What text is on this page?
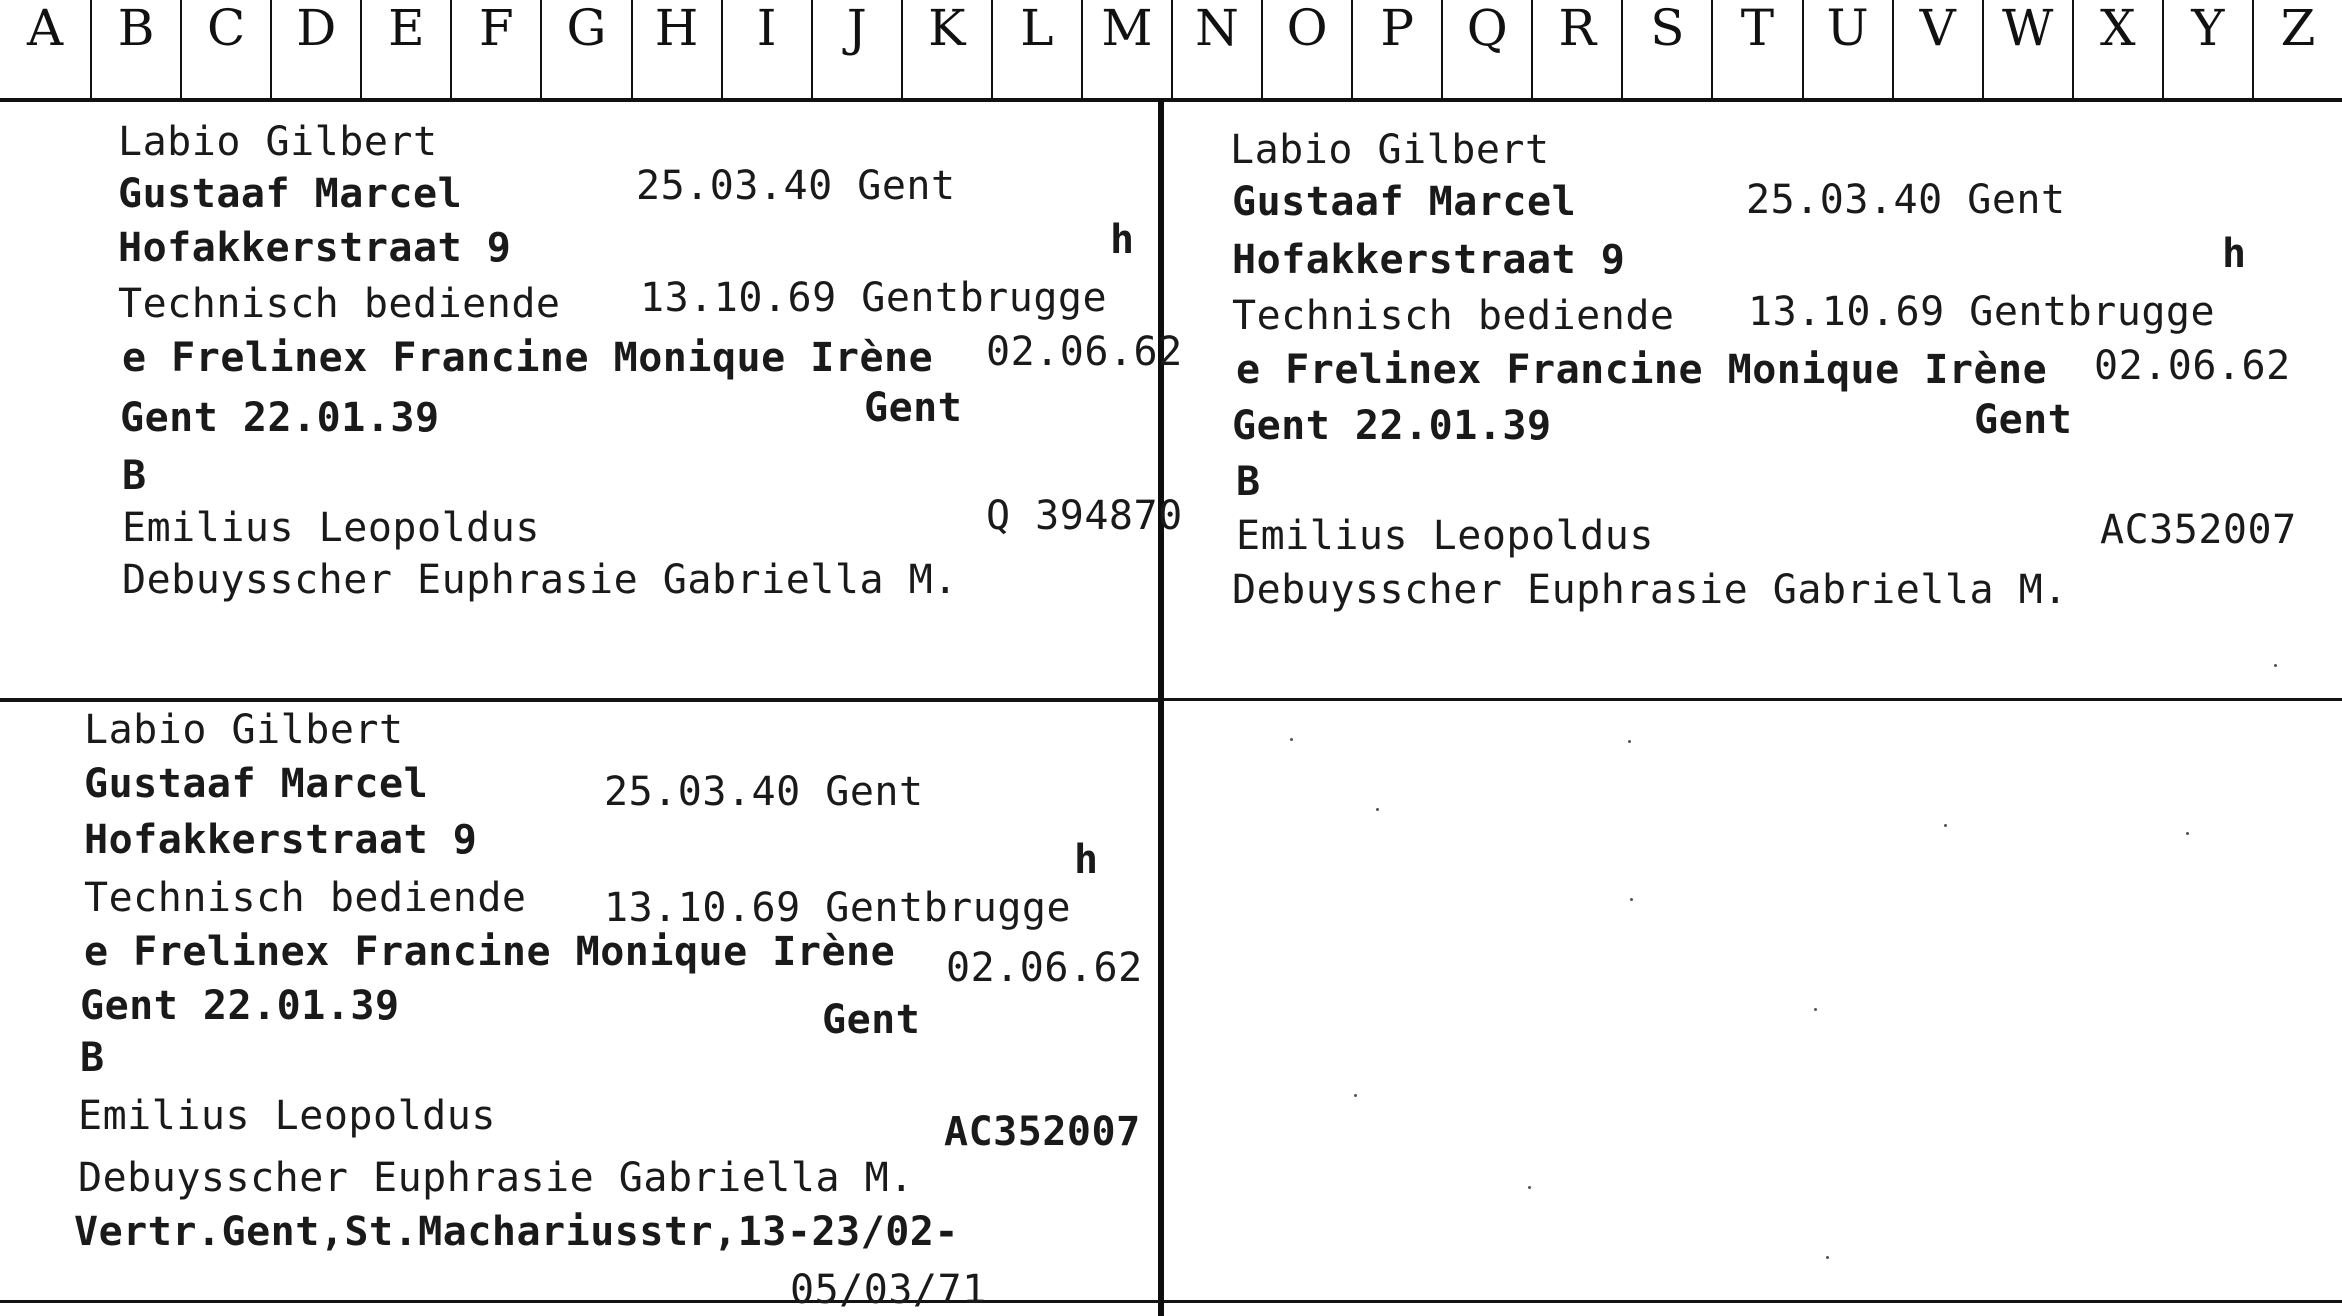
A	B	C	D	E	F	G H	I	J	K	L M N O	P	Q	R	S	T	U	V W X	Y	Z
Labio Gilbert
Gustaaf Marcel	25.03.40 Gent
Hofakkerstraat 9	h
Technisch bediende 13.10.69 Gentbrugge
e Frelinex Francine Monique Irène 02.06.62
Gent 22.01.39	Gent
B
Emilius Leopoldus	Q 394870
Debuysscher Euphrasie Gabriella M.
Labio Gilbert
Gustaaf Marcel	25.03.40 Gent
Hofakkerstraat 9	h
Technisch bediende 13.10.69 Gentbrugge
e Frelinex Francine Monique Irène 02.06.62
Gent 22.01.39	Gent
B
Emilius Leopoldus	AC352007
Debuysscher Euphrasie Gabriella M.
Labio Gilbert
Gustaaf Marcel	25.03.40 Gent
Hofakkerstraat 9	h
Technisch bediende 13.10.69 Gentbrugge
e Frelinex Francine Monique Irène 02.06.62
Gent 22.01.39	Gent
B
Emilius Leopoldus	AC352007
Debuysscher Euphrasie Gabriella M.
Vertr.Gent,St.Machariusstr,13-23/02-
05/03/71
